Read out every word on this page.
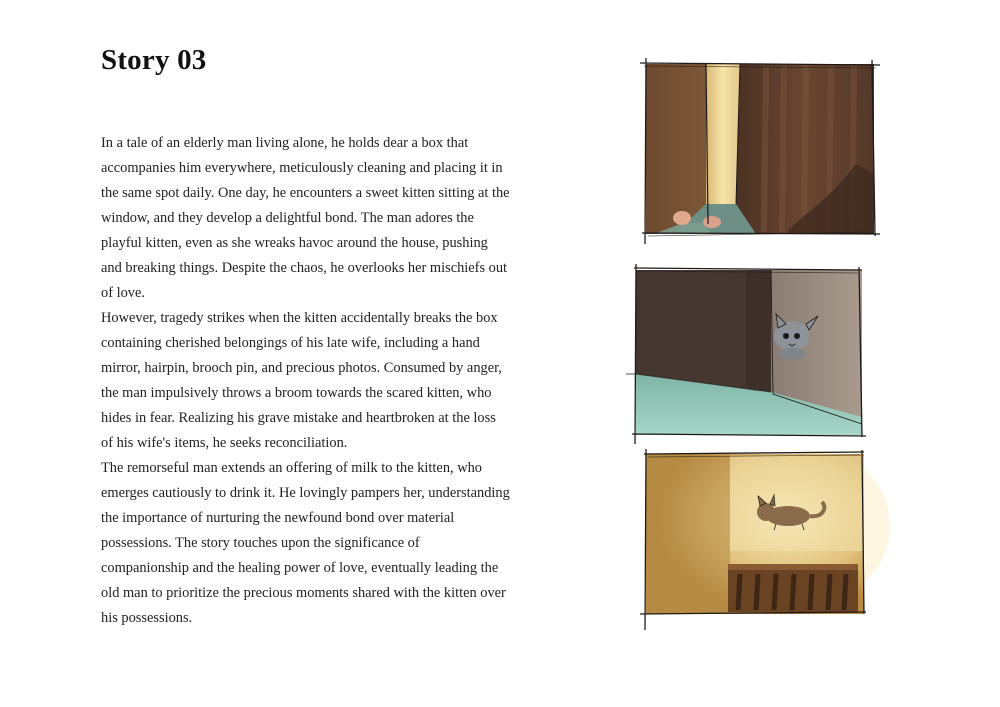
Story 03

In a tale of an elderly man living alone, he holds dear a box that accompanies him everywhere, meticulously cleaning and placing it in the same spot daily. One day, he encounters a sweet kitten sitting at the window, and they develop a delightful bond. The man adores the playful kitten, even as she wreaks havoc around the house, pushing and breaking things. Despite the chaos, he overlooks her mischiefs out of love.

However, tragedy strikes when the kitten accidentally breaks the box containing cherished belongings of his late wife, including a hand mirror, hairpin, brooch pin, and precious photos. Consumed by anger, the man impulsively throws a broom towards the scared kitten, who hides in fear. Realizing his grave mistake and heartbroken at the loss of his wife's items, he seeks reconciliation.

The remorseful man extends an offering of milk to the kitten, who emerges cautiously to drink it. He lovingly pampers her, understanding the importance of nurturing the newfound bond over material possessions. The story touches upon the significance of companionship and the healing power of love, eventually leading the old man to prioritize the precious moments shared with the kitten over his possessions.
